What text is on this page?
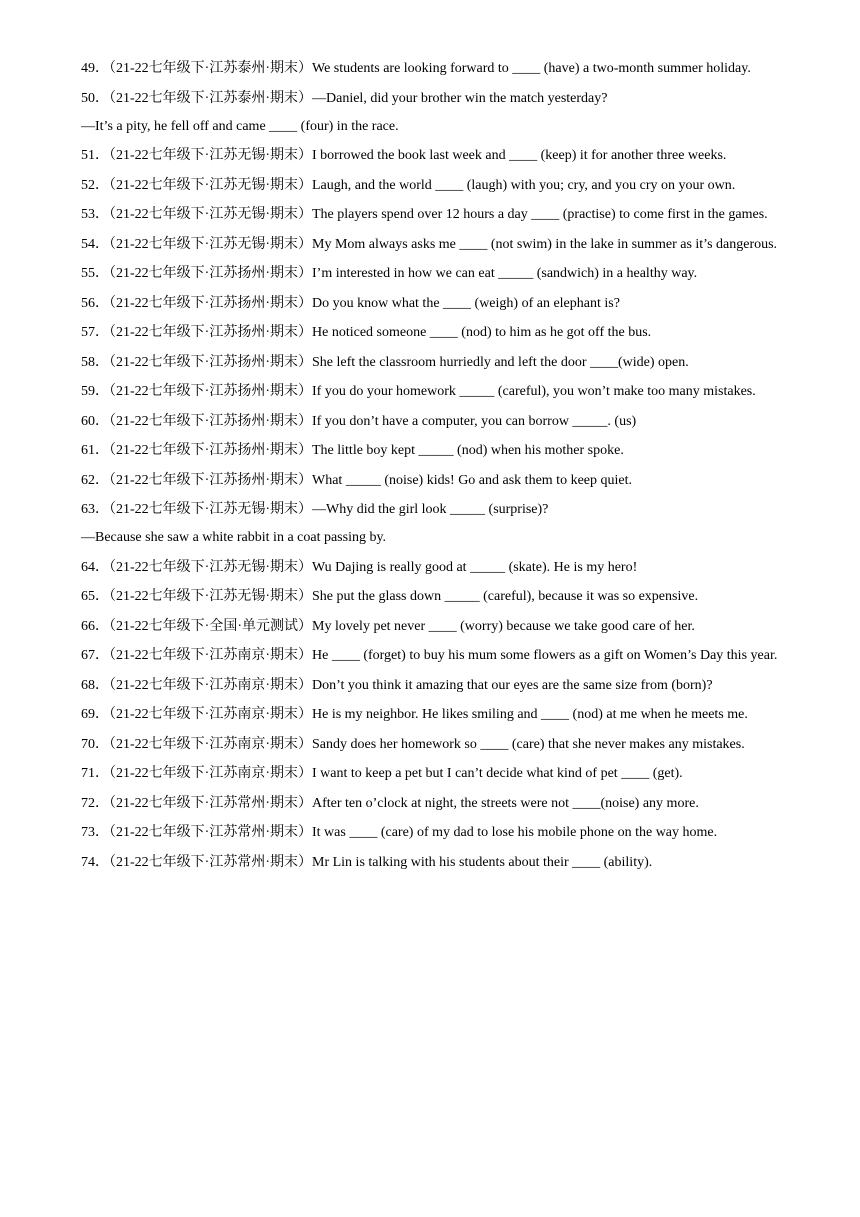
49．（21-22七年级下·江苏泰州·期末）We students are looking forward to ____ (have) a two-month summer holiday.
50．（21-22七年级下·江苏泰州·期末）—Daniel, did your brother win the match yesterday?
—It’s a pity, he fell off and came ____ (four) in the race.
51．（21-22七年级下·江苏无锡·期末）I borrowed the book last week and ____ (keep) it for another three weeks.
52．（21-22七年级下·江苏无锡·期末）Laugh, and the world ____ (laugh) with you; cry, and you cry on your own.
53．（21-22七年级下·江苏无锡·期末）The players spend over 12 hours a day ____ (practise) to come first in the games.
54．（21-22七年级下·江苏无锡·期末）My Mom always asks me ____ (not swim) in the lake in summer as it’s dangerous.
55．（21-22七年级下·江苏扬州·期末）I’m interested in how we can eat _____ (sandwich) in a healthy way.
56．（21-22七年级下·江苏扬州·期末）Do you know what the ____ (weigh) of an elephant is?
57．（21-22七年级下·江苏扬州·期末）He noticed someone ____ (nod) to him as he got off the bus.
58．（21-22七年级下·江苏扬州·期末）She left the classroom hurriedly and left the door ____(wide) open.
59．（21-22七年级下·江苏扬州·期末）If you do your homework _____ (careful), you won’t make too many mistakes.
60．（21-22七年级下·江苏扬州·期末）If you don’t have a computer, you can borrow _____. (us)
61．（21-22七年级下·江苏扬州·期末）The little boy kept _____ (nod) when his mother spoke.
62．（21-22七年级下·江苏扬州·期末）What _____ (noise) kids! Go and ask them to keep quiet.
63．（21-22七年级下·江苏无锡·期末）—Why did the girl look _____ (surprise)?
—Because she saw a white rabbit in a coat passing by.
64．（21-22七年级下·江苏无锡·期末）Wu Dajing is really good at _____ (skate). He is my hero!
65．（21-22七年级下·江苏无锡·期末）She put the glass down _____ (careful), because it was so expensive.
66．（21-22七年级下·全国·单元测试）My lovely pet never ____ (worry) because we take good care of her.
67．（21-22七年级下·江苏南京·期末）He ____ (forget) to buy his mum some flowers as a gift on Women’s Day this year.
68．（21-22七年级下·江苏南京·期末）Don’t you think it amazing that our eyes are the same size from (born)?
69．（21-22七年级下·江苏南京·期末）He is my neighbor. He likes smiling and ____ (nod) at me when he meets me.
70．（21-22七年级下·江苏南京·期末）Sandy does her homework so ____ (care) that she never makes any mistakes.
71．（21-22七年级下·江苏南京·期末）I want to keep a pet but I can’t decide what kind of pet ____ (get).
72．（21-22七年级下·江苏常州·期末）After ten o’clock at night, the streets were not ____(noise) any more.
73．（21-22七年级下·江苏常州·期末）It was ____ (care) of my dad to lose his mobile phone on the way home.
74．（21-22七年级下·江苏常州·期末）Mr Lin is talking with his students about their ____ (ability).
